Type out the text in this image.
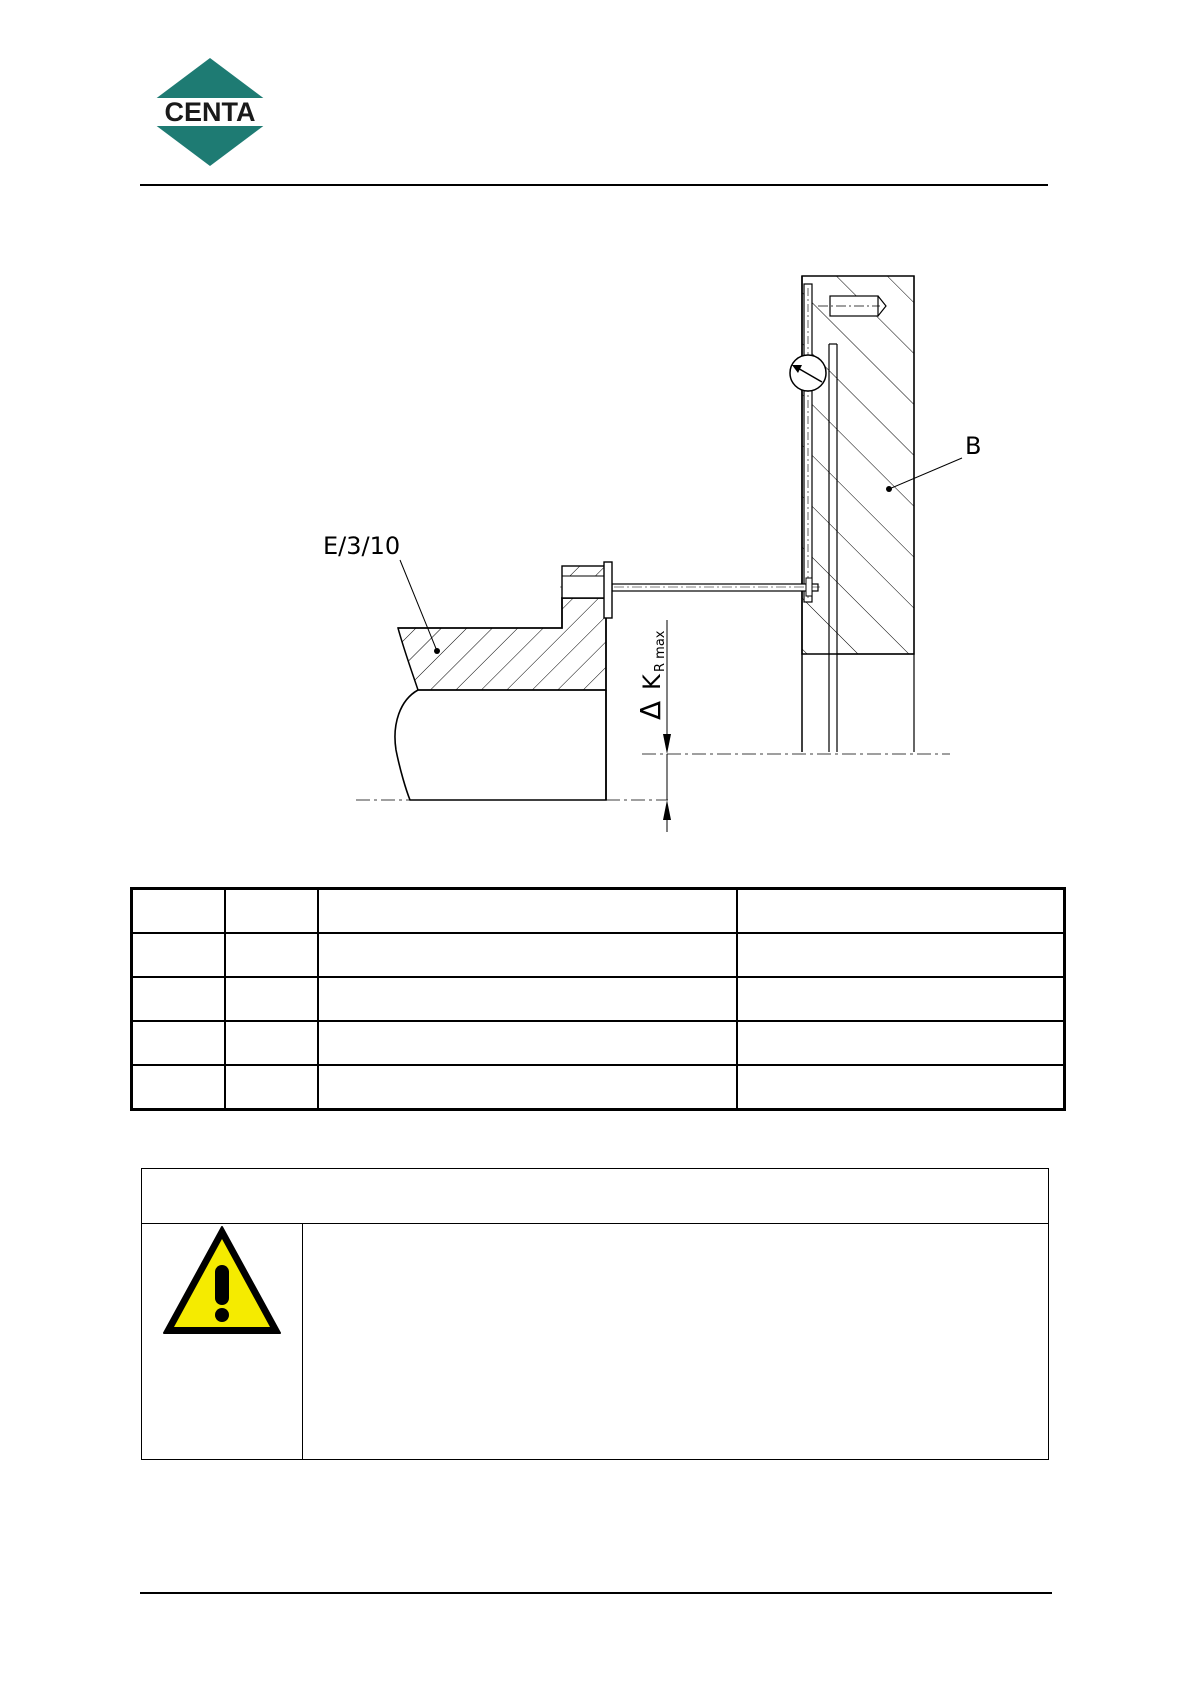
CENTA
E/3/10
B
Δ
K
R max
